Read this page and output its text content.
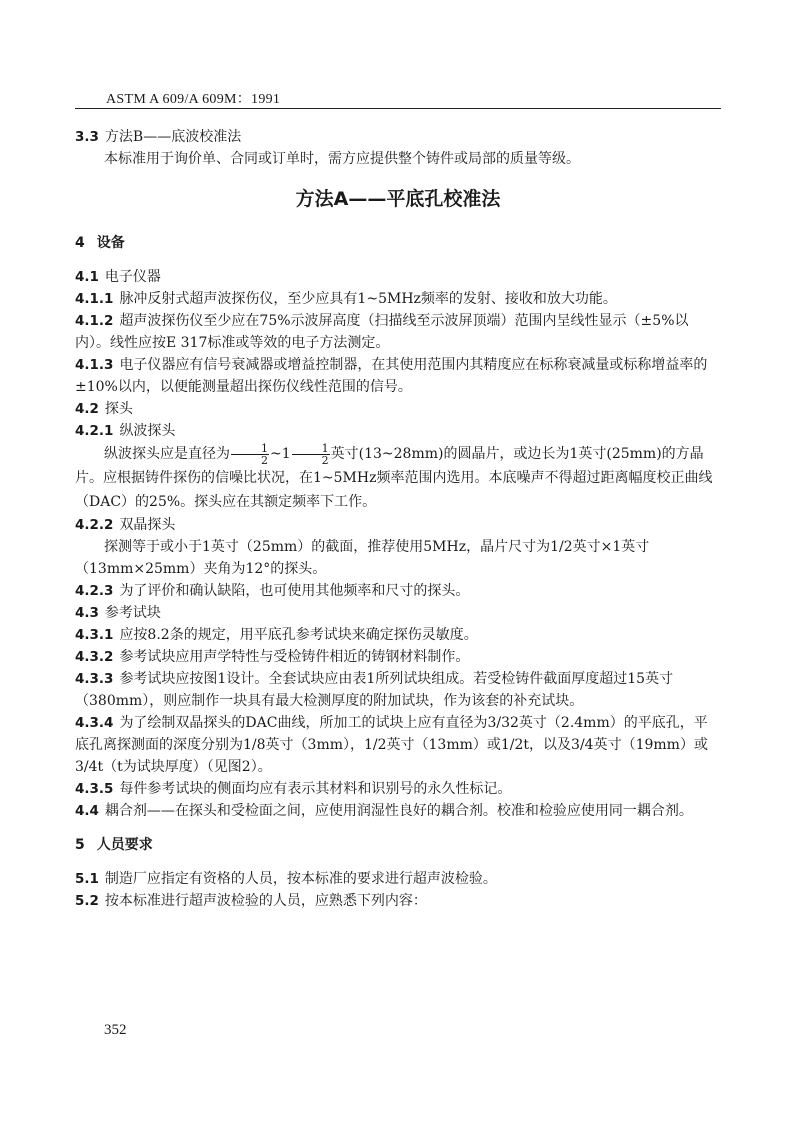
ASTM A 609/A 609M：1991

3.3 方法B——底波校准法

本标准用于询价单、合同或订单时，需方应提供整个铸件或局部的质量等级。

方法A——平底孔校准法

4 设备

4.1 电子仪器

4.1.1 脉冲反射式超声波探伤仪，至少应具有1~5MHz频率的发射、接收和放大功能。

4.1.2 超声波探伤仪至少应在75%示波屏高度（扫描线至示波屏顶端）范围内呈线性显示（±5%以内）。线性应按E 317标准或等效的电子方法测定。

4.1.3 电子仪器应有信号衰减器或增益控制器，在其使用范围内其精度应在标称衰减量或标称增益率的±10%以内，以便能测量超出探伤仪线性范围的信号。

4.2 探头

4.2.1 纵波探头

纵波探头应是直径为 $\frac{1}{2}$ ~1 $\frac{1}{2}$ 英寸(13~28mm)的圆晶片，或边长为1英寸(25mm)的方晶片。应根据铸件探伤的信噪比状况，在1~5MHz频率范围内选用。本底噪声不得超过距离幅度校正曲线（DAC）的25%。探头应在其额定频率下工作。

4.2.2 双晶探头

探测等于或小于1英寸（25mm）的截面，推荐使用5MHz，晶片尺寸为1/2英寸×1英寸（13mm×25mm）夹角为12°的探头。

4.2.3 为了评价和确认缺陷，也可使用其他频率和尺寸的探头。

4.3 参考试块

4.3.1 应按8.2条的规定，用平底孔参考试块来确定探伤灵敏度。

4.3.2 参考试块应用声学特性与受检铸件相近的铸钢材料制作。

4.3.3 参考试块应按图1设计。全套试块应由表1所列试块组成。若受检铸件截面厚度超过15英寸（380mm），则应制作一块具有最大检测厚度的附加试块，作为该套的补充试块。

4.3.4 为了绘制双晶探头的DAC曲线，所加工的试块上应有直径为3/32英寸（2.4mm）的平底孔，平底孔离探测面的深度分别为1/8英寸（3mm），1/2英寸（13mm）或1/2t，以及3/4英寸（19mm）或3/4t（t为试块厚度）（见图2）。

4.3.5 每件参考试块的侧面均应有表示其材料和识别号的永久性标记。

4.4 耦合剂——在探头和受检面之间，应使用润湿性良好的耦合剂。校准和检验应使用同一耦合剂。

5 人员要求

5.1 制造厂应指定有资格的人员，按本标准的要求进行超声波检验。

5.2 按本标准进行超声波检验的人员，应熟悉下列内容：

352
